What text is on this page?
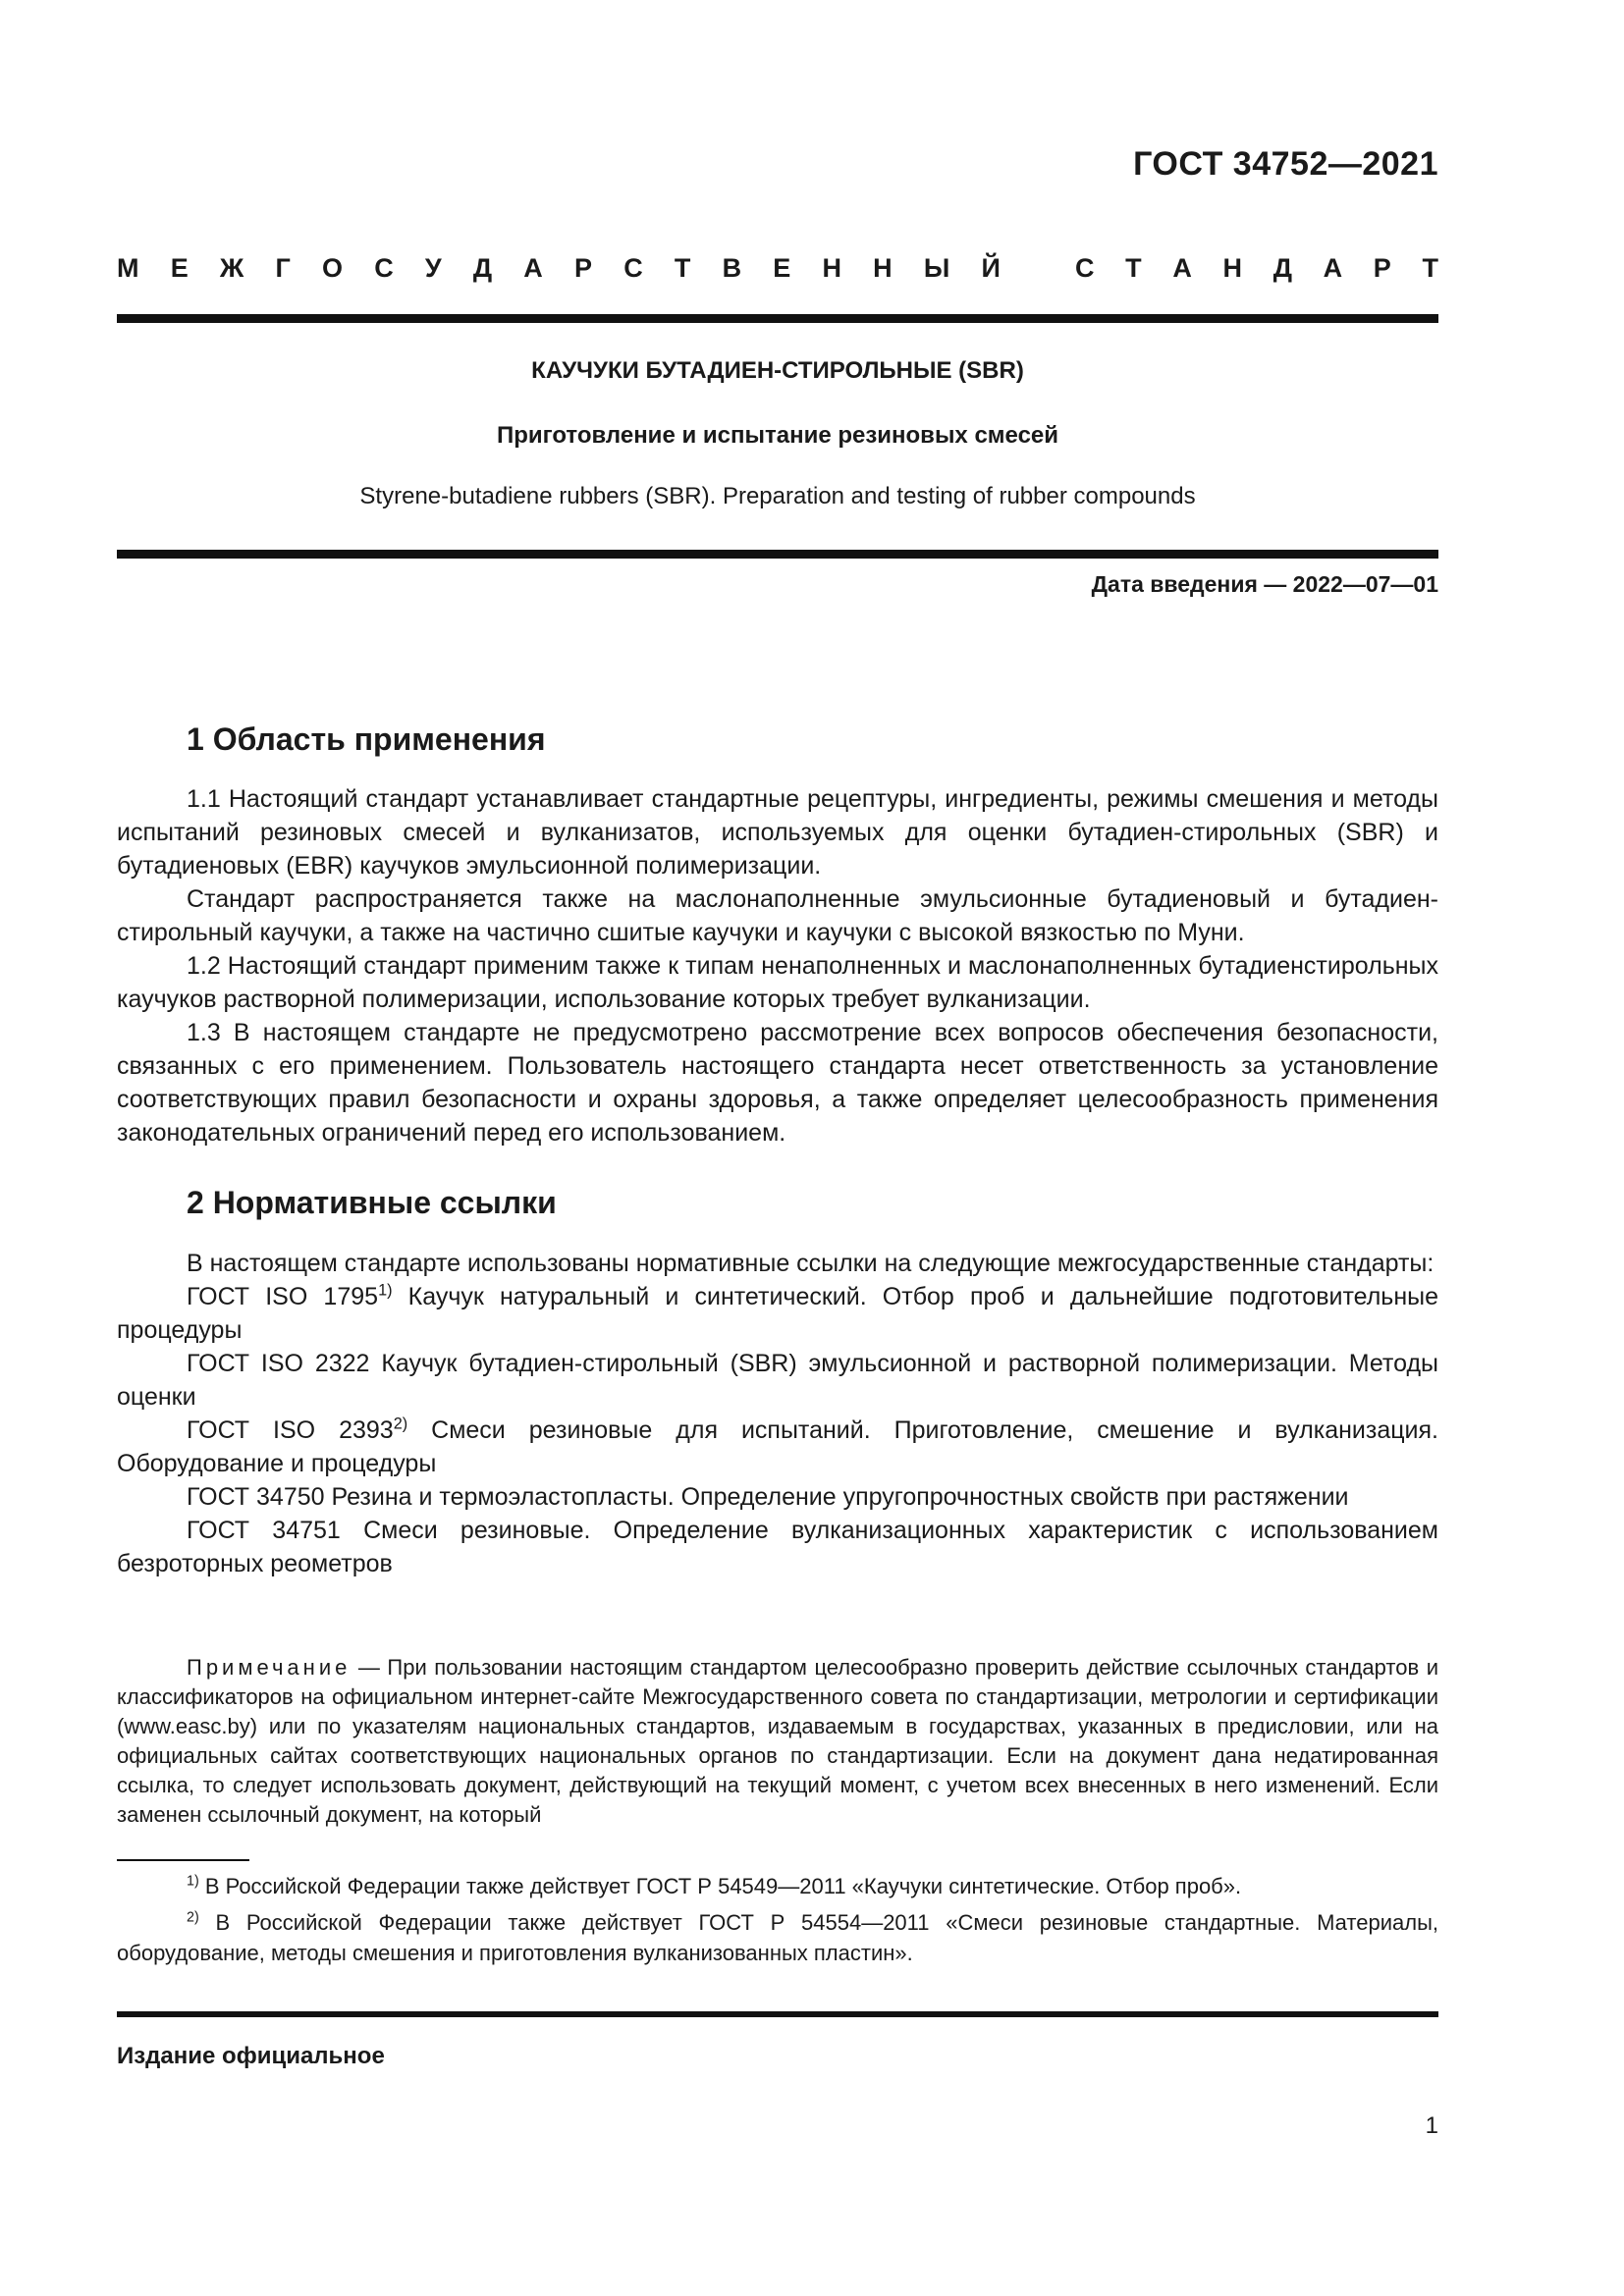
ГОСТ 34752—2021
М Е Ж Г О С У Д А Р С Т В Е Н Н Ы Й	С Т А Н Д А Р Т
КАУЧУКИ БУТАДИЕН-СТИРОЛЬНЫЕ (SBR)
Приготовление и испытание резиновых смесей
Styrene-butadiene rubbers (SBR). Preparation and testing of rubber compounds
Дата введения — 2022—07—01
1 Область применения

1.1 Настоящий стандарт устанавливает стандартные рецептуры, ингредиенты, режимы смешения и методы испытаний резиновых смесей и вулканизатов, используемых для оценки бутадиен-стирольных (SBR) и бутадиеновых (EBR) каучуков эмульсионной полимеризации.

Стандарт распространяется также на маслонаполненные эмульсионные бутадиеновый и бутадиен-стирольный каучуки, а также на частично сшитые каучуки и каучуки с высокой вязкостью по Муни.

1.2 Настоящий стандарт применим также к типам ненаполненных и маслонаполненных бутадиенстирольных каучуков растворной полимеризации, использование которых требует вулканизации.

1.3 В настоящем стандарте не предусмотрено рассмотрение всех вопросов обеспечения безопасности, связанных с его применением. Пользователь настоящего стандарта несет ответственность за установление соответствующих правил безопасности и охраны здоровья, а также определяет целесообразность применения законодательных ограничений перед его использованием.

2 Нормативные ссылки

В настоящем стандарте использованы нормативные ссылки на следующие межгосударственные стандарты:

ГОСТ ISO 1795$^{1)}$ Каучук натуральный и синтетический. Отбор проб и дальнейшие подготовительные процедуры

ГОСТ ISO 2322 Каучук бутадиен-стирольный (SBR) эмульсионной и растворной полимеризации. Методы оценки

ГОСТ ISO 2393$^{2)}$ Смеси резиновые для испытаний. Приготовление, смешение и вулканизация. Оборудование и процедуры

ГОСТ 34750 Резина и термоэластопласты. Определение упругопрочностных свойств при растяжении

ГОСТ 34751 Смеси резиновые. Определение вулканизационных характеристик с использованием безроторных реометров

Примечание — При пользовании настоящим стандартом целесообразно проверить действие ссылочных стандартов и классификаторов на официальном интернет-сайте Межгосударственного совета по стандартизации, метрологии и сертификации (www.easc.by) или по указателям национальных стандартов, издаваемым в государствах, указанных в предисловии, или на официальных сайтах соответствующих национальных органов по стандартизации. Если на документ дана недатированная ссылка, то следует использовать документ, действующий на текущий момент, с учетом всех внесенных в него изменений. Если заменен ссылочный документ, на который

$^{1)}$ В Российской Федерации также действует ГОСТ Р 54549—2011 «Каучуки синтетические. Отбор проб».

$^{2)}$ В Российской Федерации также действует ГОСТ Р 54554—2011 «Смеси резиновые стандартные. Материалы, оборудование, методы смешения и приготовления вулканизованных пластин».

Издание официальное
1
